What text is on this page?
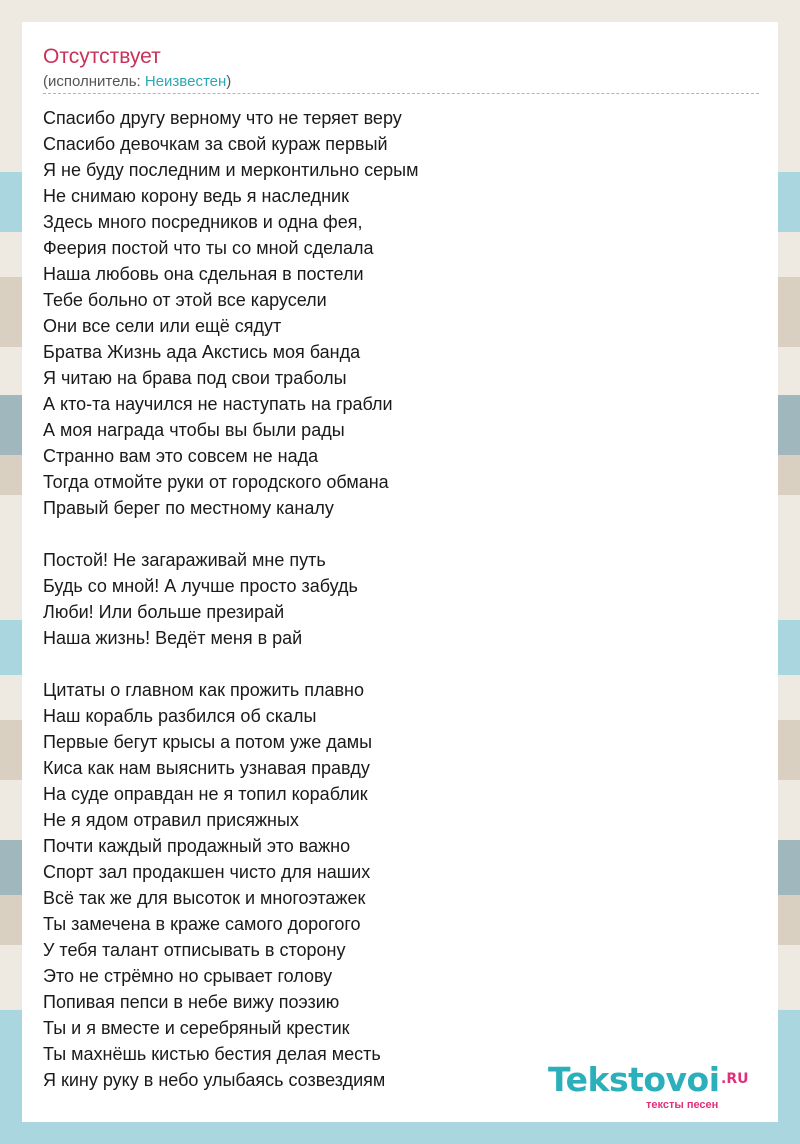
Отсутствует
(исполнитель: Неизвестен)
Спасибо другу верному что не теряет веру
Спасибо девочкам за свой кураж первый
Я не буду последним и мерконтильно серым
Не снимаю корону ведь я наследник
Здесь много посредников и одна фея,
Феерия постой что ты со мной сделала
Наша любовь она сдельная в постели
Тебе больно от этой все карусели
Они все сели или ещё сядут
Братва Жизнь ада Акстись моя банда
Я читаю на брава под свои траболы
А кто-та научился не наступать на грабли
А моя награда чтобы вы были рады
Странно вам это совсем не нада
Тогда отмойте руки от городского обмана
Правый берег по местному каналу
Постой! Не загараживай мне путь
Будь со мной! А лучше просто забудь
Люби! Или больше презирай
Наша жизнь! Ведёт меня в рай
Цитаты о главном как прожить плавно
Наш корабль разбился об скалы
Первые бегут крысы а потом уже дамы
Киса как нам выяснить узнавая правду
На суде оправдан не я топил кораблик
Не я ядом отравил присяжных
Почти каждый продажный это важно
Спорт зал продакшен чисто для наших
Всё так же для высоток и многоэтажек
Ты замечена в краже самого дорогого
У тебя талант отписывать в сторону
Это не стрёмно но срывает голову
Попивая пепси в небе вижу поэзию
Ты и я вместе и серебряный крестик
Ты махнёшь кистью бестия делая месть
Я кину руку в небо улыбаясь созвездиям	Tekstovoi .RU
тексты песен
